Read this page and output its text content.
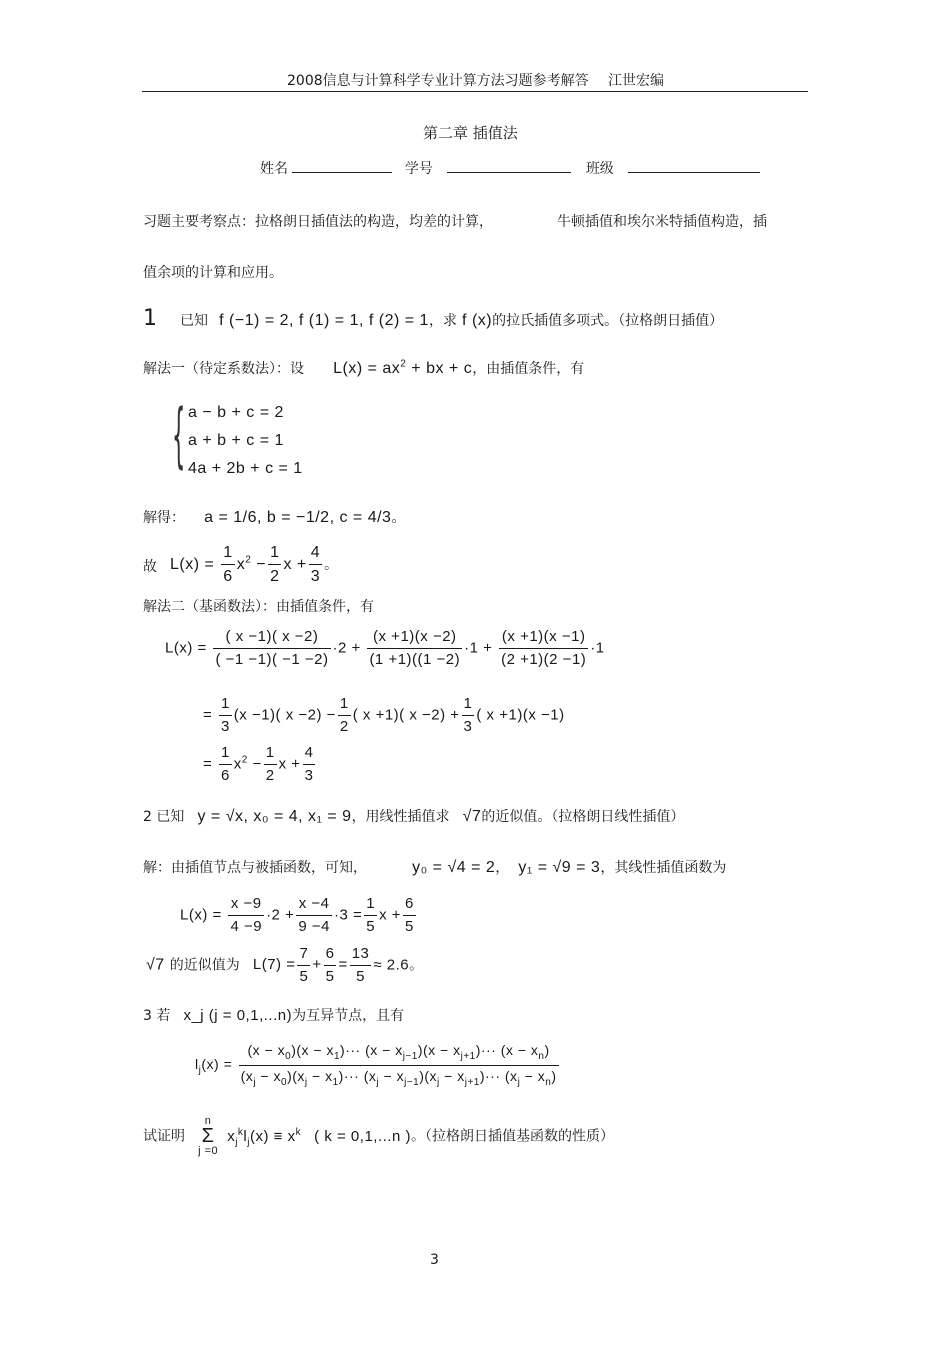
2008信息与计算科学专业计算方法习题参考解答 江世宏编
第二章 插值法
姓名	学号	班级
习题主要考察点：拉格朗日插值法的构造，均差的计算，	牛顿插值和埃尔米特插值构造，插
值余项的计算和应用。
1 已知 f (−1) = 2, f (1) = 1, f (2) = 1，求 f (x)的拉氏插值多项式。（拉格朗日插值）
解法一（待定系数法）：设 $L(x) = ax^2$ + bx + c，由插值条件，有
{ a − b + c = 2
a + b + c = 1
4a + 2b + c = 1
解得： a = 1/6, b = −1/2, c = 4/3。
故 $L(x) = \frac{1}{6} x^2 - \frac{1}{2}$ $x + \frac{4}{3}$ 。
解法二（基函数法）：由插值条件，有
$L(x) = \frac{( x -1)( x -2)}{( -1 -1)( -1 -2)} \cdot 2 + \frac{(x +1)(x -2)}{(1 +1)((1 -2)} \cdot 1 + \frac{(x +1)(x -1)}{(2 +1)(2 -1)} \cdot 1$
= $\frac{1}{3} (x -1)$( $x -2) - \frac{1}{2}$ ( x +1)( $x -2) + \frac{1}{3}$ ( x +1)(x −1)
= $\frac{1}{6} x^2 - \frac{1}{2}$ $x + \frac{4}{3}$
2 已知 y = √x, x₀ = 4, x₁ = 9，用线性插值求 √7的近似值。（拉格朗日线性插值）
解：由插值节点与被插函数，可知，	y₀ = √4 = 2， y₁ = √9 = 3，其线性插值函数为
$L(x) = \frac{x -9}{4 -9} \cdot 2 + \frac{x -4}{9 -4} \cdot 3 = \frac{1}{5}$ $x + \frac{6}{5}$
√7 的近似值为 $L(7) = \frac{7}{5} + \frac{6}{5} = \frac{13}{5} \approx 2.6$。
3 若 x_j (j = 0,1,...n)为互异节点，且有
$l_j(x) = \frac{(x - x_0)(x - x_1)\cdot\cdot\cdot (x - x_{j-1})(x - x_{j+1})\cdot\cdot\cdot (x - x_n)}{(x_j - x_0)(x_j - x_1)\cdot\cdot\cdot (x_j - x_{j-1})(x_j - x_{j+1})\cdot\cdot\cdot (x_j - x_n)}$
试证明
n
Σ
j =0
$x_j^kl_j(x) \equiv x^k$ ( k = 0,1,...n )。（拉格朗日插值基函数的性质）
3
